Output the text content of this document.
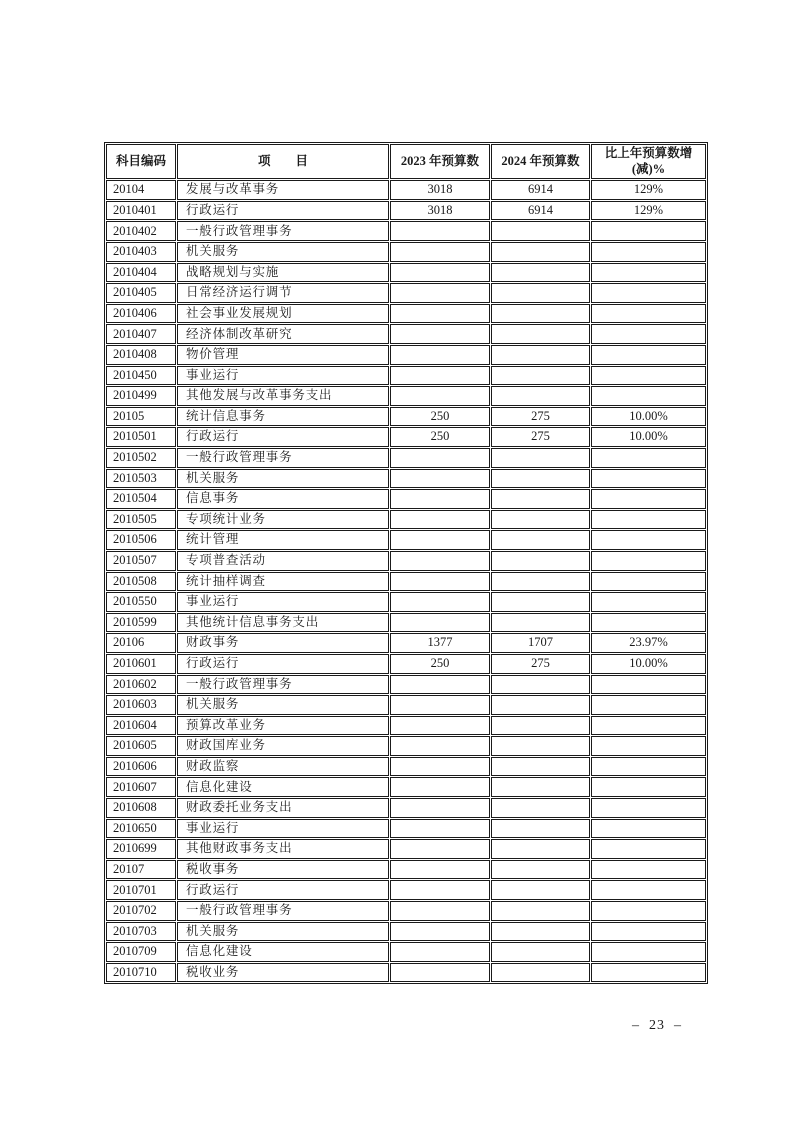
科目编码	项　　目	2023 年预算数	2024 年预算数	比上年预算数增(减)%
20104	发展与改革事务	3018	6914	129%
2010401	行政运行	3018	6914	129%
2010402	一般行政管理事务			
2010403	机关服务			
2010404	战略规划与实施			
2010405	日常经济运行调节			
2010406	社会事业发展规划			
2010407	经济体制改革研究			
2010408	物价管理			
2010450	事业运行			
2010499	其他发展与改革事务支出			
20105	统计信息事务	250	275	10.00%
2010501	行政运行	250	275	10.00%
2010502	一般行政管理事务			
2010503	机关服务			
2010504	信息事务			
2010505	专项统计业务			
2010506	统计管理			
2010507	专项普查活动			
2010508	统计抽样调查			
2010550	事业运行			
2010599	其他统计信息事务支出			
20106	财政事务	1377	1707	23.97%
2010601	行政运行	250	275	10.00%
2010602	一般行政管理事务			
2010603	机关服务			
2010604	预算改革业务			
2010605	财政国库业务			
2010606	财政监察			
2010607	信息化建设			
2010608	财政委托业务支出			
2010650	事业运行			
2010699	其他财政事务支出			
20107	税收事务			
2010701	行政运行			
2010702	一般行政管理事务			
2010703	机关服务			
2010709	信息化建设			
2010710	税收业务			
–  23  –
